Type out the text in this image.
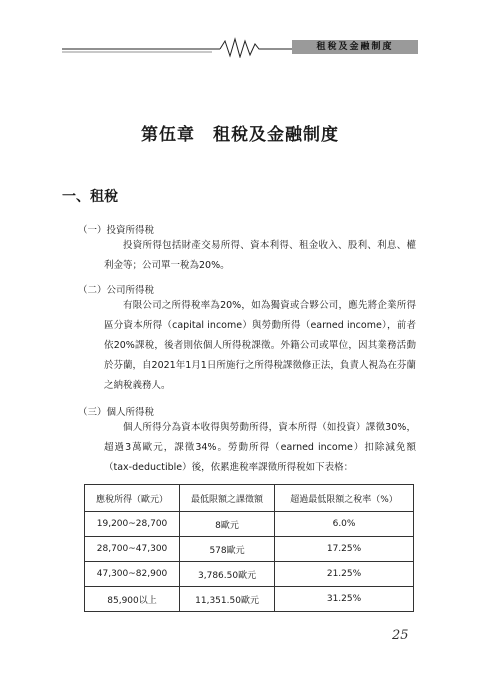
租稅及金融制度
第伍章　租稅及金融制度
一、租稅
（一）投資所得稅
投資所得包括財產交易所得、資本利得、租金收入、股利、利息、權利金等；公司單一稅為20%。
（二）公司所得稅
有限公司之所得稅率為20%，如為獨資或合夥公司，應先將企業所得區分資本所得（capital income）與勞動所得（earned income），前者依20%課稅，後者則依個人所得稅課徵。外籍公司或單位，因其業務活動於芬蘭，自2021年1月1日所施行之所得稅課徵修正法，負責人視為在芬蘭之納稅義務人。
（三）個人所得稅
個人所得分為資本收得與勞動所得，資本所得（如投資）課徵30%，超過3萬歐元，課徵34%。勞動所得（earned income）扣除減免額（tax-deductible）後，依累進稅率課徵所得稅如下表格：
應稅所得（歐元）	最低限額之課徵額	超過最低限額之稅率（%）
19,200~28,700	8歐元	6.0%
28,700~47,300	578歐元	17.25%
47,300~82,900	3,786.50歐元	21.25%
85,900以上	11,351.50歐元	31.25%
25
